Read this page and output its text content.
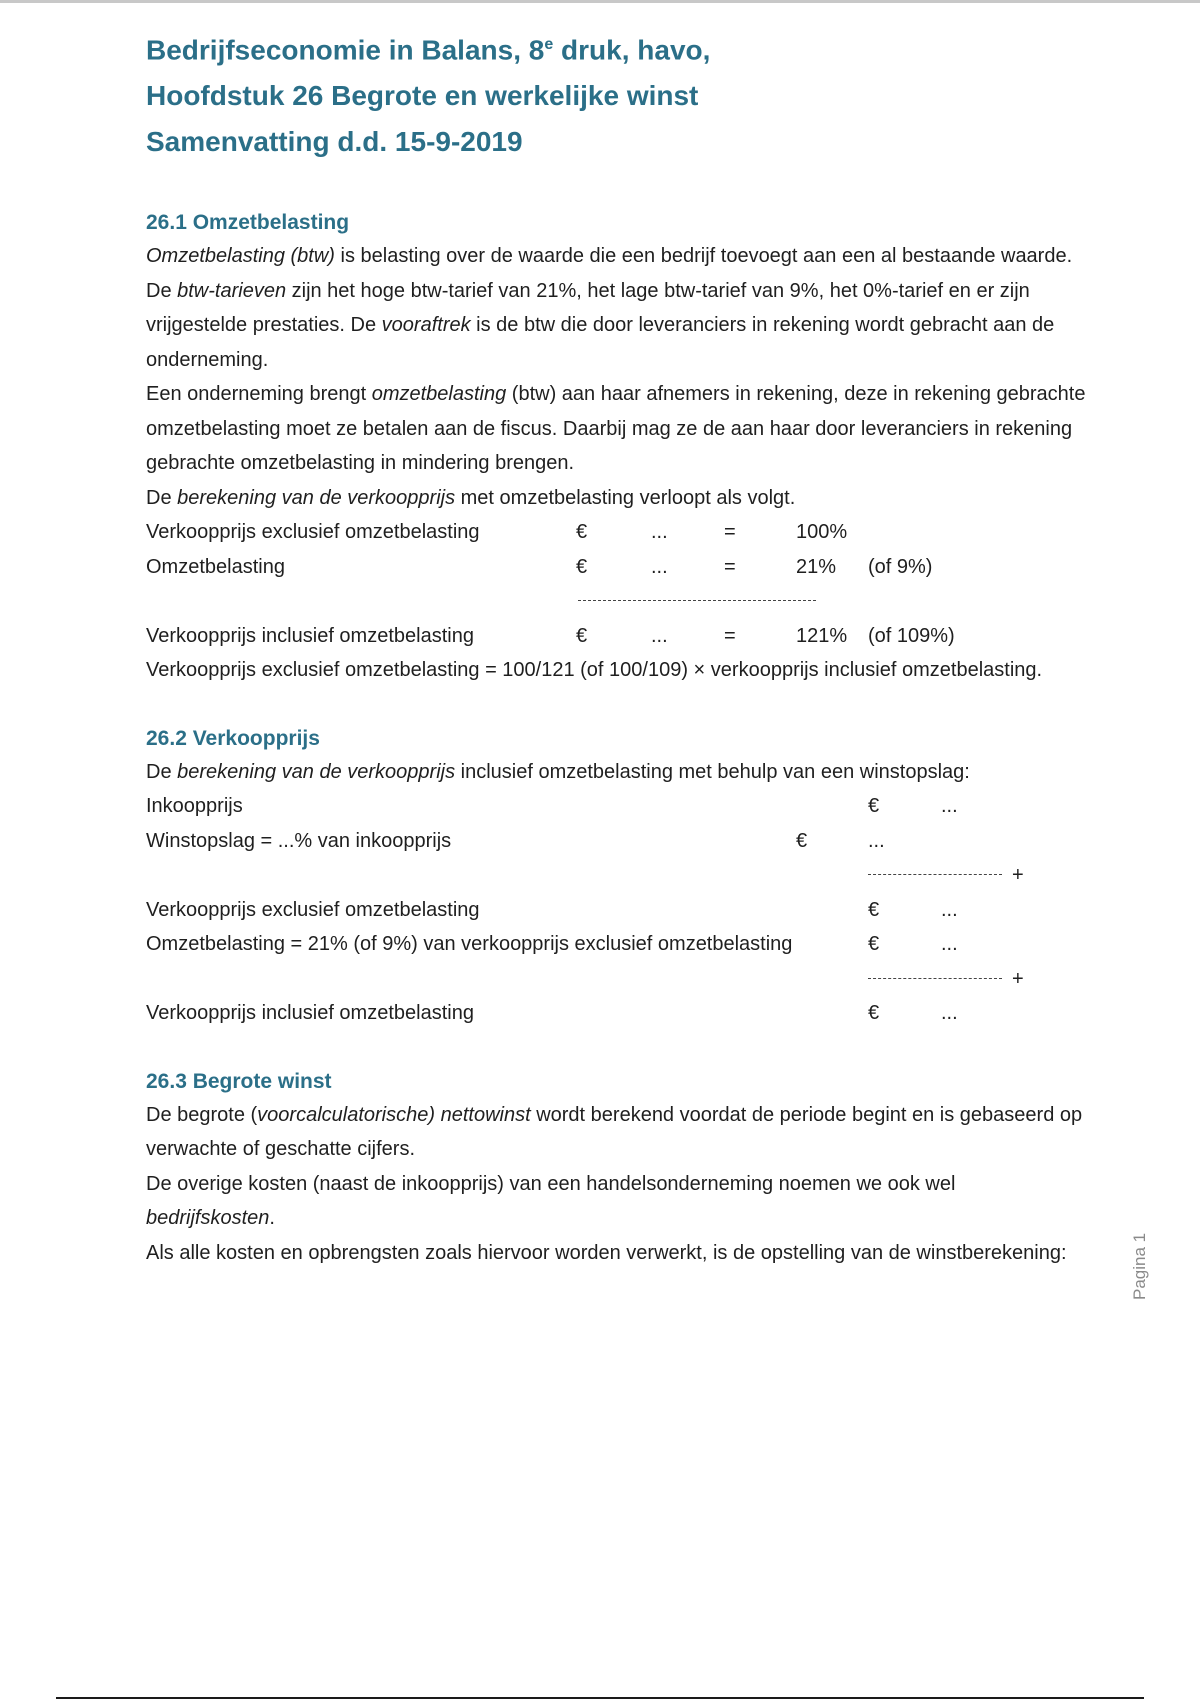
Bedrijfseconomie in Balans, 8e druk, havo,

Hoofdstuk 26 Begrote en werkelijke winst

Samenvatting d.d. 15-9-2019

26.1 Omzetbelasting

Omzetbelasting (btw) is belasting over de waarde die een bedrijf toevoegt aan een al bestaande waarde. De btw-tarieven zijn het hoge btw-tarief van 21%, het lage btw-tarief van 9%, het 0%-tarief en er zijn vrijgestelde prestaties. De vooraftrek is de btw die door leveranciers in rekening wordt gebracht aan de onderneming.

Een onderneming brengt omzetbelasting (btw) aan haar afnemers in rekening, deze in rekening gebrachte omzetbelasting moet ze betalen aan de fiscus. Daarbij mag ze de aan haar door leveranciers in rekening gebrachte omzetbelasting in mindering brengen.

De berekening van de verkoopprijs met omzetbelasting verloopt als volgt.

Verkoopprijs exclusief omzetbelasting	€	...	=	100%
Omzetbelasting	€	...	=	21% (of 9%)
Verkoopprijs inclusief omzetbelasting	€	...	=	121% (of 109%)

Verkoopprijs exclusief omzetbelasting = 100/121 (of 100/109) × verkoopprijs inclusief omzetbelasting.

26.2 Verkoopprijs

De berekening van de verkoopprijs inclusief omzetbelasting met behulp van een winstopslag:

Inkoopprijs	€	...
Winstopslag = ...% van inkoopprijs	€	...
+
Verkoopprijs exclusief omzetbelasting	€	...
Omzetbelasting = 21% (of 9%) van verkoopprijs exclusief omzetbelasting	€	...
+
Verkoopprijs inclusief omzetbelasting	€	...
26.3 Begrote winst

De begrote (voorcalculatorische) nettowinst wordt berekend voordat de periode begint en is gebaseerd op verwachte of geschatte cijfers.

De overige kosten (naast de inkoopprijs) van een handelsonderneming noemen we ook wel bedrijfskosten.

Als alle kosten en opbrengsten zoals hiervoor worden verwerkt, is de opstelling van de winstberekening:	Pagina 1
